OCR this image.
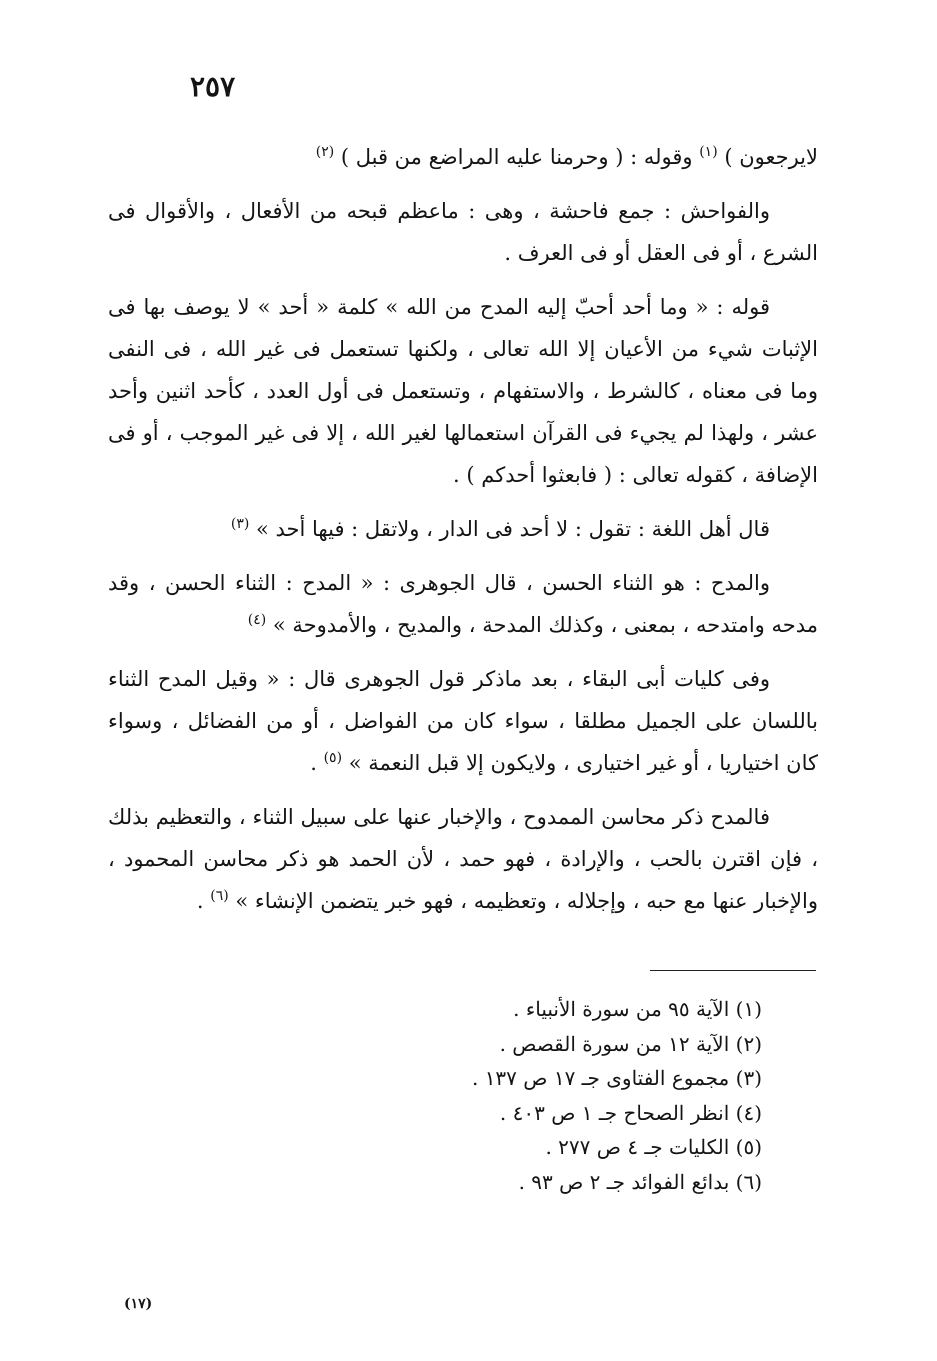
٢٥٧

لايرجعون ) $^{(١)}$ وقوله : ( وحرمنا عليه المراضع من قبل ) $^{(٢)}$

والفواحش : جمع فاحشة ، وهى : ماعظم قبحه من الأفعال ، والأقوال فى الشرع ، أو فى العقل أو فى العرف .

قوله : « وما أحد أحبّ إليه المدح من الله » كلمة « أحد » لا يوصف بها فى الإثبات شيء من الأعيان إلا الله تعالى ، ولكنها تستعمل فى غير الله ، فى النفى وما فى معناه ، كالشرط ، والاستفهام ، وتستعمل فى أول العدد ، كأحد اثنين وأحد عشر ، ولهذا لم يجيء فى القرآن استعمالها لغير الله ، إلا فى غير الموجب ، أو فى الإضافة ، كقوله تعالى : ( فابعثوا أحدكم ) .

قال أهل اللغة : تقول : لا أحد فى الدار ، ولاتقل : فيها أحد » $^{(٣)}$

والمدح : هو الثناء الحسن ، قال الجوهرى : « المدح : الثناء الحسن ، وقد مدحه وامتدحه ، بمعنى ، وكذلك المدحة ، والمديح ، والأمدوحة » $^{(٤)}$

وفى كليات أبى البقاء ، بعد ماذكر قول الجوهرى قال : « وقيل المدح الثناء باللسان على الجميل مطلقا ، سواء كان من الفواضل ، أو من الفضائل ، وسواء كان اختياريا ، أو غير اختيارى ، ولايكون إلا قبل النعمة » $^{(٥)}$ .

فالمدح ذكر محاسن الممدوح ، والإخبار عنها على سبيل الثناء ، والتعظيم بذلك ، فإن اقترن بالحب ، والإرادة ، فهو حمد ، لأن الحمد هو ذكر محاسن المحمود ، والإخبار عنها مع حبه ، وإجلاله ، وتعظيمه ، فهو خبر يتضمن الإنشاء » $^{(٦)}$ .

(١) الآية ٩٥ من سورة الأنبياء .
(٢) الآية ١٢ من سورة القصص .
(٣) مجموع الفتاوى جـ ١٧ ص ١٣٧ .
(٤) انظر الصحاح جـ ١ ص ٤٠٣ .
(٥) الكليات جـ ٤ ص ٢٧٧ .
(٦) بدائع الفوائد جـ ٢ ص ٩٣ .
(١٧)
